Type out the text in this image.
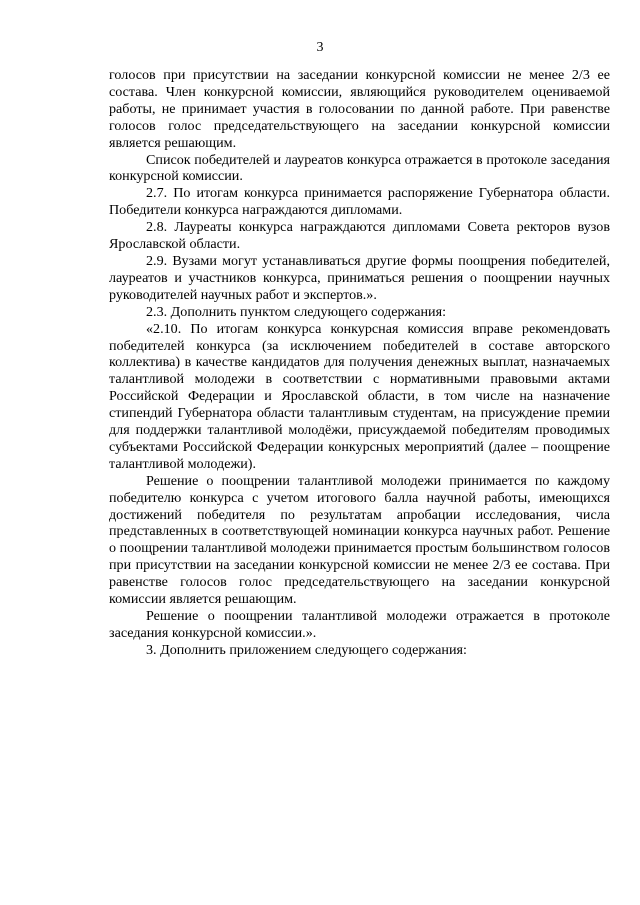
3

голосов при присутствии на заседании конкурсной комиссии не менее 2/3 ее состава. Член конкурсной комиссии, являющийся руководителем оцениваемой работы, не принимает участия в голосовании по данной работе. При равенстве голосов голос председательствующего на заседании конкурсной комиссии является решающим.

Список победителей и лауреатов конкурса отражается в протоколе заседания конкурсной комиссии.

2.7. По итогам конкурса принимается распоряжение Губернатора области. Победители конкурса награждаются дипломами.

2.8. Лауреаты конкурса награждаются дипломами Совета ректоров вузов Ярославской области.

2.9. Вузами могут устанавливаться другие формы поощрения победителей, лауреатов и участников конкурса, приниматься решения о поощрении научных руководителей научных работ и экспертов.».

2.3. Дополнить пунктом следующего содержания:

«2.10. По итогам конкурса конкурсная комиссия вправе рекомендовать победителей конкурса (за исключением победителей в составе авторского коллектива) в качестве кандидатов для получения денежных выплат, назначаемых талантливой молодежи в соответствии с нормативными правовыми актами Российской Федерации и Ярославской области, в том числе на назначение стипендий Губернатора области талантливым студентам, на присуждение премии для поддержки талантливой молодёжи, присуждаемой победителям проводимых субъектами Российской Федерации конкурсных мероприятий (далее – поощрение талантливой молодежи).

Решение о поощрении талантливой молодежи принимается по каждому победителю конкурса с учетом итогового балла научной работы, имеющихся достижений победителя по результатам апробации исследования, числа представленных в соответствующей номинации конкурса научных работ. Решение о поощрении талантливой молодежи принимается простым большинством голосов при присутствии на заседании конкурсной комиссии не менее 2/3 ее состава. При равенстве голосов голос председательствующего на заседании конкурсной комиссии является решающим.

Решение о поощрении талантливой молодежи отражается в протоколе заседания конкурсной комиссии.».

3. Дополнить приложением следующего содержания:
